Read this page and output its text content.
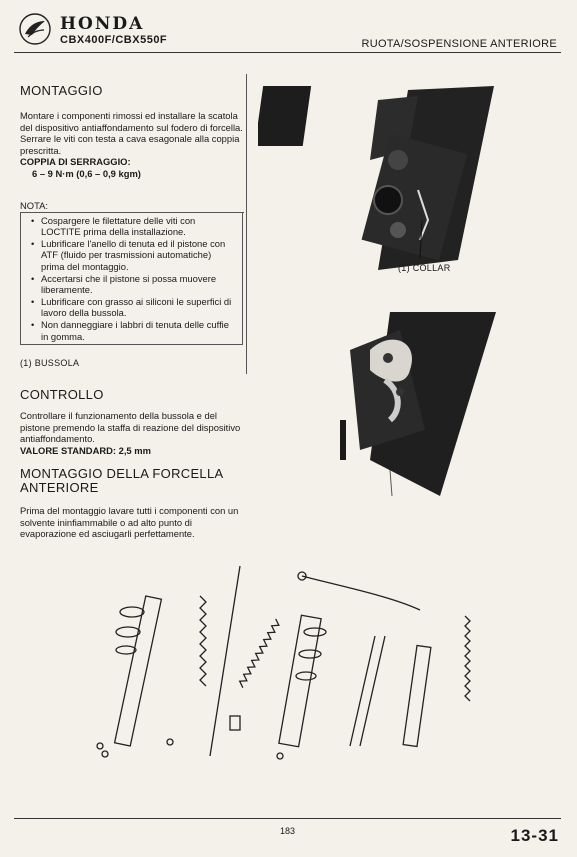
HONDA
CBX400F/CBX550F	RUOTA/SOSPENSIONE ANTERIORE
MONTAGGIO

Montare i componenti rimossi ed installare la scatola del dispositivo antiaffondamento sul fodero di forcella. Serrare le viti con testa a cava esagonale alla coppia prescritta.

COPPIA DI SERRAGGIO:

6 – 9 N·m (0,6 – 0,9 kgm)

NOTA:

• Cospargere le filettature delle viti con LOCTITE prima della installazione.
• Lubrificare l'anello di tenuta ed il pistone con ATF (fluido per trasmissioni automatiche) prima del montaggio.
• Accertarsi che il pistone si possa muovere liberamente.
• Lubrificare con grasso ai siliconi le superfici di lavoro della bussola.
• Non danneggiare i labbri di tenuta delle cuffie in gomma.
(1) BUSSOLA
CONTROLLO

Controllare il funzionamento della bussola e del pistone premendo la staffa di reazione del dispositivo antiaffondamento.

VALORE STANDARD: 2,5 mm

MONTAGGIO DELLA FORCELLA ANTERIORE

Prima del montaggio lavare tutti i componenti con un solvente ininfiammabile o ad alto punto di evaporazione ed asciugarli perfettamente.

(1) COLLAR
183	13-31
